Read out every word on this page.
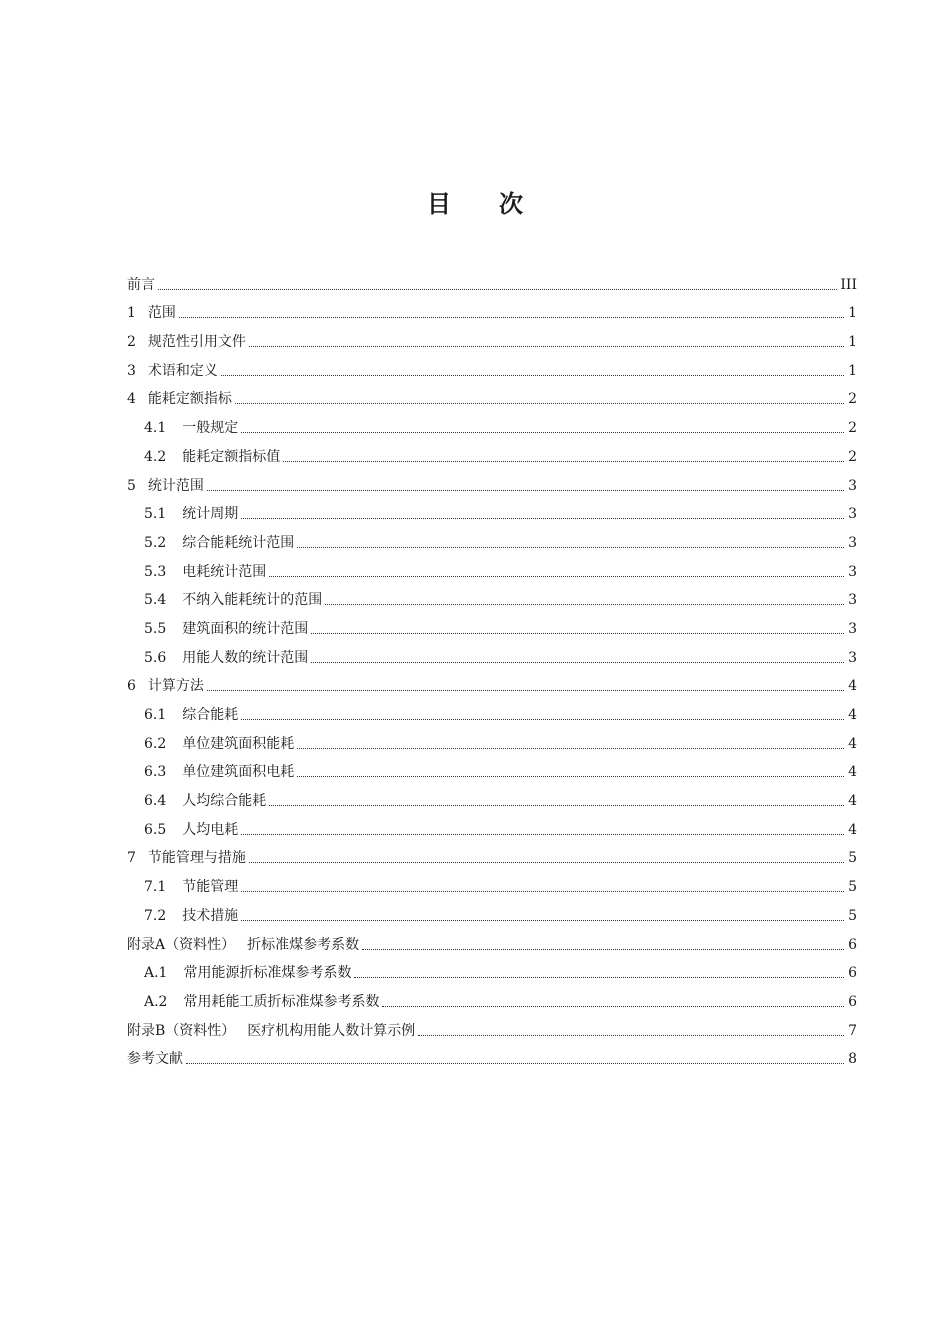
目次
前言	III
1 范围	1
2 规范性引用文件	1
3 术语和定义	1
4 能耗定额指标	2
4.1 一般规定	2
4.2 能耗定额指标值	2
5 统计范围	3
5.1 统计周期	3
5.2 综合能耗统计范围	3
5.3 电耗统计范围	3
5.4 不纳入能耗统计的范围	3
5.5 建筑面积的统计范围	3
5.6 用能人数的统计范围	3
6 计算方法	4
6.1 综合能耗	4
6.2 单位建筑面积能耗	4
6.3 单位建筑面积电耗	4
6.4 人均综合能耗	4
6.5 人均电耗	4
7 节能管理与措施	5
7.1 节能管理	5
7.2 技术措施	5
附录A（资料性） 折标准煤参考系数	6
A.1 常用能源折标准煤参考系数	6
A.2 常用耗能工质折标准煤参考系数	6
附录B（资料性） 医疗机构用能人数计算示例	7
参考文献	8
